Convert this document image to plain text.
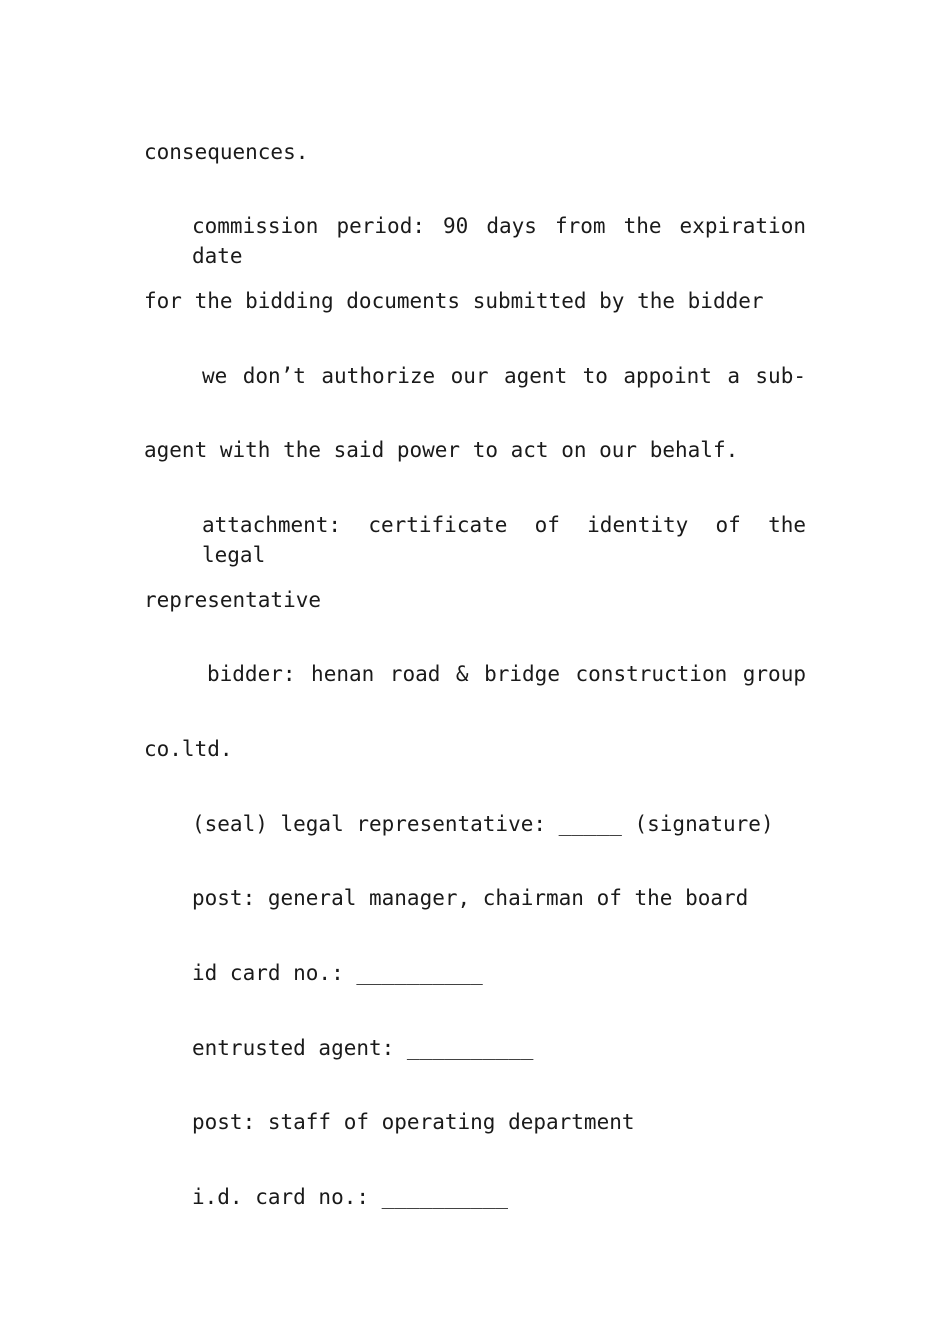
consequences.
commission period: 90 days from the expiration date
for the bidding documents submitted by the bidder
we don’t authorize our agent to appoint a sub-
agent with the said power to act on our behalf.
attachment: certificate of identity of the legal
representative
bidder: henan road & bridge construction group
co.ltd.
(seal) legal representative: _____ (signature)
post: general manager, chairman of the board
id card no.: __________
entrusted agent: __________
post: staff of operating department
i.d. card no.: __________
